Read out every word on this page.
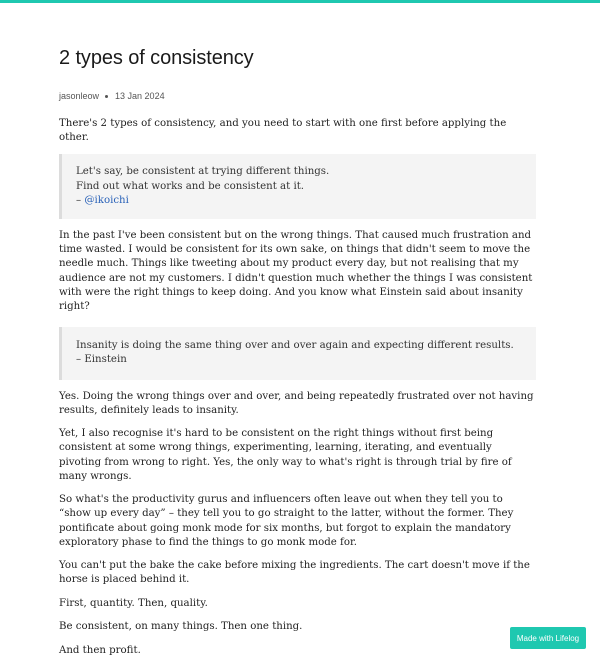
2 types of consistency
jasonleow 13 Jan 2024

There's 2 types of consistency, and you need to start with one first before applying the other.

Let's say, be consistent at trying different things.
Find out what works and be consistent at it.
– @ikoichi

In the past I've been consistent but on the wrong things. That caused much frustration and time wasted. I would be consistent for its own sake, on things that didn't seem to move the needle much. Things like tweeting about my product every day, but not realising that my audience are not my customers. I didn't question much whether the things I was consistent with were the right things to keep doing. And you know what Einstein said about insanity right?

Insanity is doing the same thing over and over again and expecting different results. – Einstein

Yes. Doing the wrong things over and over, and being repeatedly frustrated over not having results, definitely leads to insanity.

Yet, I also recognise it's hard to be consistent on the right things without first being consistent at some wrong things, experimenting, learning, iterating, and eventually pivoting from wrong to right. Yes, the only way to what's right is through trial by fire of many wrongs.

So what's the productivity gurus and influencers often leave out when they tell you to “show up every day” – they tell you to go straight to the latter, without the former. They pontificate about going monk mode for six months, but forgot to explain the mandatory exploratory phase to find the things to go monk mode for.

You can't put the bake the cake before mixing the ingredients. The cart doesn't move if the horse is placed behind it.

First, quantity. Then, quality.

Be consistent, on many things. Then one thing.

And then profit.

Made with Lifelog
